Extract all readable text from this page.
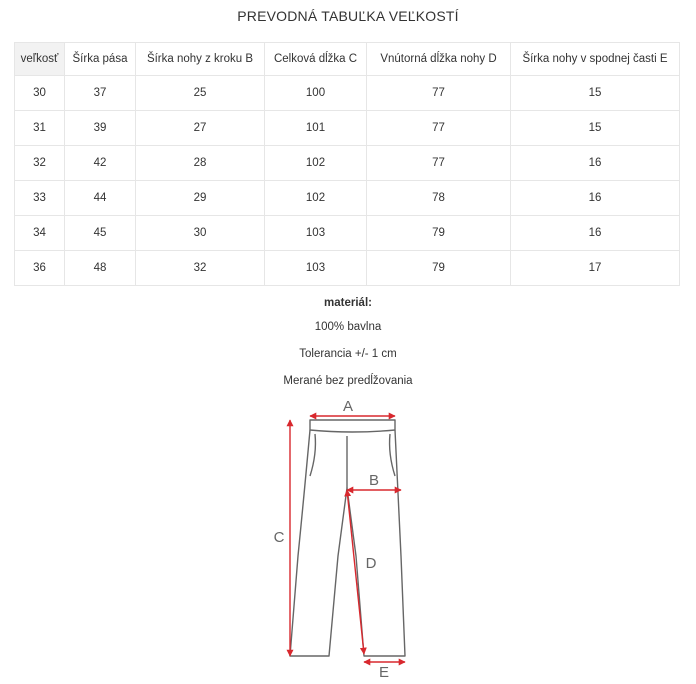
PREVODNÁ TABUĽKA VEĽKOSTÍ
veľkosť	Šírka pása	Šírka nohy z kroku B	Celková dĺžka C	Vnútorná dĺžka nohy D	Šírka nohy v spodnej časti E
30	37	25	100	77	15
31	39	27	101	77	15
32	42	28	102	77	16
33	44	29	102	78	16
34	45	30	103	79	16
36	48	32	103	79	17
materiál:
100% bavlna
Tolerancia +/- 1 cm
Merané bez predĺžovania
A
B
C
D
E
